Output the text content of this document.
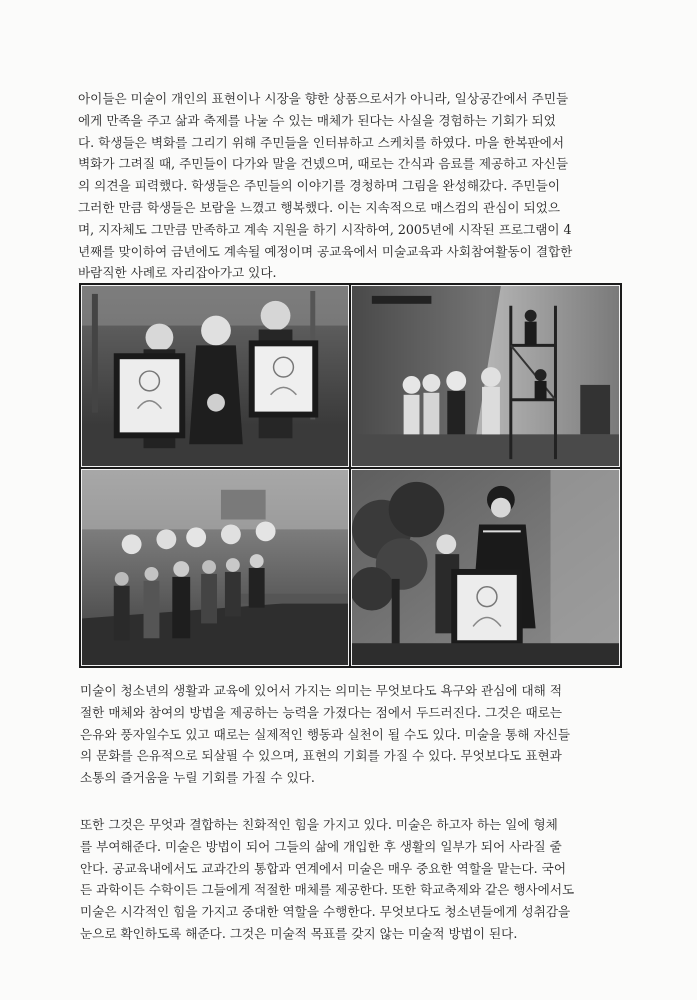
아이들은 미술이 개인의 표현이나 시장을 향한 상품으로서가 아니라, 일상공간에서 주민들
에게 만족을 주고 삶과 축제를 나눌 수 있는 매체가 된다는 사실을 경험하는 기회가 되었
다. 학생들은 벽화를 그리기 위해 주민들을 인터뷰하고 스케치를 하였다. 마을 한복판에서
벽화가 그려질 때, 주민들이 다가와 말을 건넸으며, 때로는 간식과 음료를 제공하고 자신들
의 의견을 피력했다. 학생들은 주민들의 이야기를 경청하며 그림을 완성해갔다. 주민들이
그러한 만큼 학생들은 보람을 느꼈고 행복했다. 이는 지속적으로 매스컴의 관심이 되었으
며, 지자체도 그만큼 만족하고 계속 지원을 하기 시작하여, 2005년에 시작된 프로그램이 4
년째를 맞이하여 금년에도 계속될 예정이며 공교육에서 미술교육과 사회참여활동이 결합한
바람직한 사례로 자리잡아가고 있다.
미술이 청소년의 생활과 교육에 있어서 가지는 의미는 무엇보다도 욕구와 관심에 대해 적
절한 매체와 참여의 방법을 제공하는 능력을 가졌다는 점에서 두드러진다. 그것은 때로는
은유와 풍자일수도 있고 때로는 실제적인 행동과 실천이 될 수도 있다. 미술을 통해 자신들
의 문화를 은유적으로 되살필 수 있으며, 표현의 기회를 가질 수 있다. 무엇보다도 표현과
소통의 즐거움을 누릴 기회를 가질 수 있다.
또한 그것은 무엇과 결합하는 친화적인 힘을 가지고 있다. 미술은 하고자 하는 일에 형체
를 부여해준다. 미술은 방법이 되어 그들의 삶에 개입한 후 생활의 일부가 되어 사라질 줄
안다. 공교육내에서도 교과간의 통합과 연계에서 미술은 매우 중요한 역할을 맡는다. 국어
든 과학이든 수학이든 그들에게 적절한 매체를 제공한다. 또한 학교축제와 같은 행사에서도
미술은 시각적인 힘을 가지고 중대한 역할을 수행한다. 무엇보다도 청소년들에게 성취감을
눈으로 확인하도록 해준다. 그것은 미술적 목표를 갖지 않는 미술적 방법이 된다.
